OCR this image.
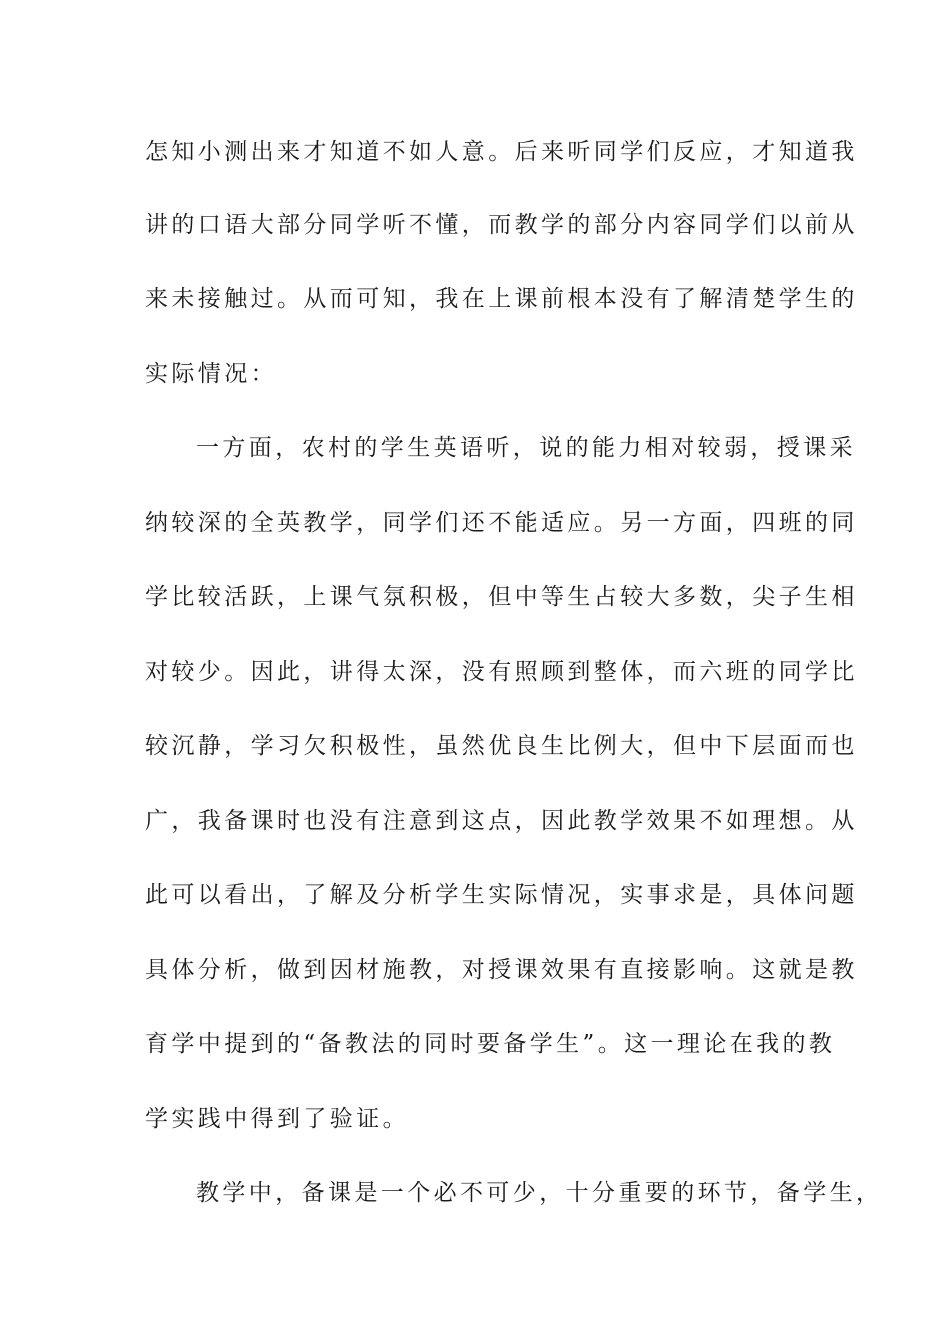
怎知小测出来才知道不如人意。后来听同学们反应，才知道我
讲的口语大部分同学听不懂，而教学的部分内容同学们以前从
来未接触过。从而可知，我在上课前根本没有了解清楚学生的
实际情况：
一方面，农村的学生英语听，说的能力相对较弱，授课采
纳较深的全英教学，同学们还不能适应。另一方面，四班的同
学比较活跃，上课气氛积极，但中等生占较大多数，尖子生相
对较少。因此，讲得太深，没有照顾到整体，而六班的同学比
较沉静，学习欠积极性，虽然优良生比例大，但中下层面而也
广，我备课时也没有注意到这点，因此教学效果不如理想。从
此可以看出，了解及分析学生实际情况，实事求是，具体问题
具体分析，做到因材施教，对授课效果有直接影响。这就是教
育学中提到的“备教法的同时要备学生”。这一理论在我的教
学实践中得到了验证。
教学中，备课是一个必不可少，十分重要的环节，备学生，
